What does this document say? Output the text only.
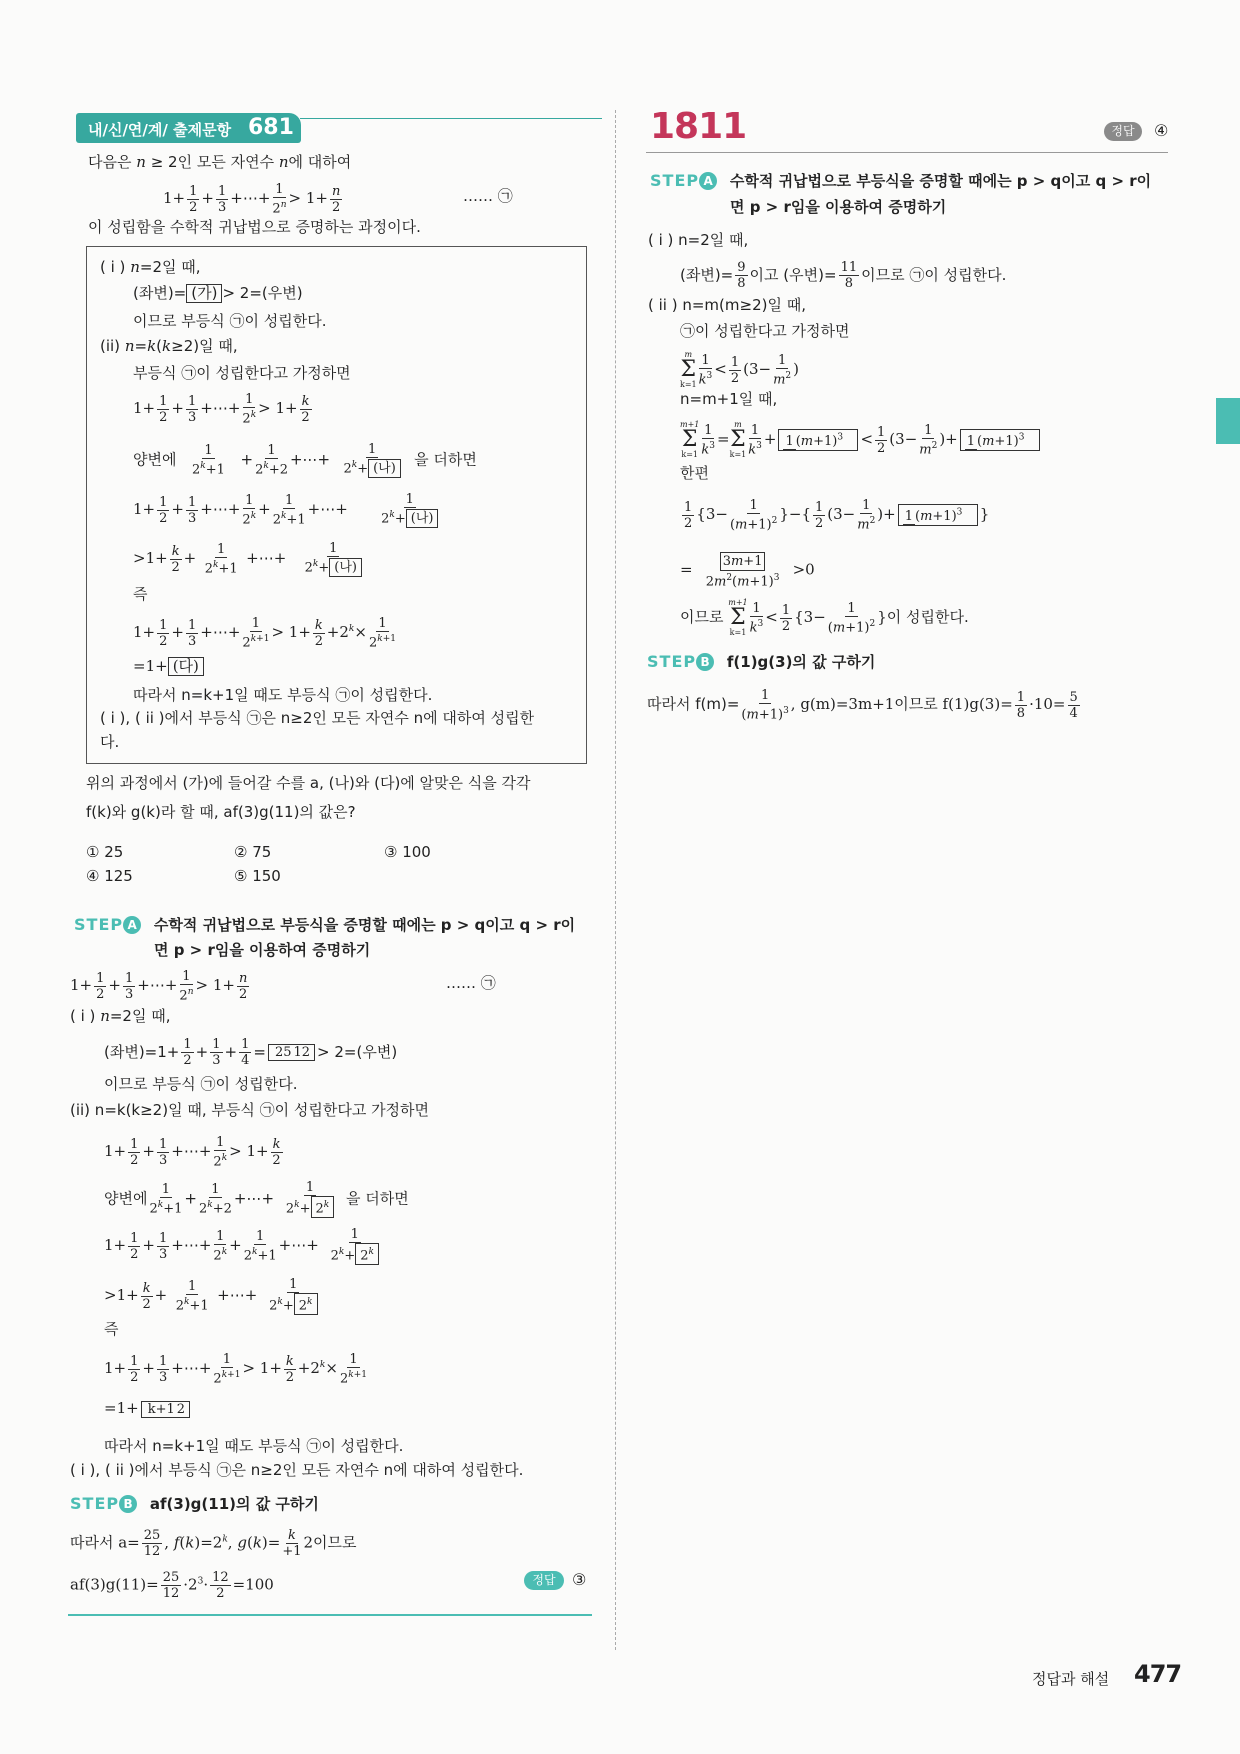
내/신/연/계/ 출제문항 681
다음은 n ≥ 2인 모든 자연수 n에 대하여
$1+ \frac{1}{2} + \frac{1}{3}$ +⋯+ $\frac{1}{2^n} > 1+ \frac{n}{2}$	…… ㉠
이 성립함을 수학적 귀납법으로 증명하는 과정이다.
( i ) n=2일 때,
(좌변)= (가) > 2=(우변)
이므로 부등식 ㉠이 성립한다.
(ii) n=k(k≥2)일 때,
부등식 ㉠이 성립한다고 가정하면
$1+ \frac{1}{2} + \frac{1}{3}$ +⋯+ $\frac{1}{2^k} > 1+ \frac{k}{2}$
양변에 $\frac{1}{2^k+1} + \frac{1}{2^k+2}$ +⋯+ $\frac{1}{2^k+ (나)}$ 을 더하면
$1+ \frac{1}{2} + \frac{1}{3}$ +⋯+ $\frac{1}{2^k} + \frac{1}{2^k+1}$ +⋯+ $\frac{1}{2^k+ (나)}$
$>1+ \frac{k}{2} + \frac{1}{2^k+1}$ +⋯+ $\frac{1}{2^k+ (나)}$
즉
$1+ \frac{1}{2} + \frac{1}{3}$ +⋯+ $\frac{1}{2^{k+1}} > 1+ \frac{k}{2} +2^k\times \frac{1}{2^{k+1}}$
=1+ (다)
따라서 n=k+1일 때도 부등식 ㉠이 성립한다.
( i ), ( ii )에서 부등식 ㉠은 n≥2인 모든 자연수 n에 대하여 성립한
다.
위의 과정에서 (가)에 들어갈 수를 a, (나)와 (다)에 알맞은 식을 각각
f(k)와 g(k)라 할 때, af(3)g(11)의 값은?
① 25	② 75	③ 100
④ 125	⑤ 150
STEP A 수학적 귀납법으로 부등식을 증명할 때에는 p > q이고 q > r이
면 p > r임을 이용하여 증명하기
$1+ \frac{1}{2} + \frac{1}{3}$ +⋯+ $\frac{1}{2^n} > 1+ \frac{n}{2}$	…… ㉠
( i ) n=2일 때,
(좌변)$=1+ \frac{1}{2} + \frac{1}{3} + \frac{1}{4} = 25$ 12 > 2=(우변)
이므로 부등식 ㉠이 성립한다.
(ii) n=k(k≥2)일 때, 부등식 ㉠이 성립한다고 가정하면
$1+ \frac{1}{2} + \frac{1}{3}$ +⋯+ $\frac{1}{2^k} > 1+ \frac{k}{2}$
양변에 $\frac{1}{2^k+1} + \frac{1}{2^k+2}$ +⋯+ $\frac{1}{2^k+ 2^k}$ 을 더하면
$1+ \frac{1}{2} + \frac{1}{3}$ +⋯+ $\frac{1}{2^k} + \frac{1}{2^k+1}$ +⋯+ $\frac{1}{2^k+ 2^k}$
$>1+ \frac{k}{2} + \frac{1}{2^k+1}$ +⋯+ $\frac{1}{2^k+ 2^k}$
즉
$1+ \frac{1}{2} + \frac{1}{3}$ +⋯+ $\frac{1}{2^{k+1}} > 1+ \frac{k}{2} +2^k\times \frac{1}{2^{k+1}}$
=1+ k+1 2
따라서 n=k+1일 때도 부등식 ㉠이 성립한다.
( i ), ( ii )에서 부등식 ㉠은 n≥2인 모든 자연수 n에 대하여 성립한다.
STEP B af(3)g(11)의 값 구하기
따라서 $a= \frac{25}{12}$ , $f(k)=2^k$, g(k)= k
+1 2이므로
$af(3)g(11)= \frac{25}{12} \cdot 2^3\cdot \frac{12}{2} =100$	정답	③
1811	정답	④
STEP A 수학적 귀납법으로 부등식을 증명할 때에는 p > q이고 q > r이
면 p > r임을 이용하여 증명하기
( i ) n=2일 때,
(좌변)= $\frac{9}{8}$ 이고 (우변)= $\frac{11}{8}$ 이므로 ㉠이 성립한다.
( ii ) n=m(m≥2)일 때,
㉠이 성립한다고 가정하면
m
Σ
$k=1 \frac{1}{k^3} < \frac{1}{2} (3- \frac{1}{m^2}$ )
n=m+1일 때,
m+1
Σ
$k=1 \frac{1}{k^3}$ =
m
Σ
$k=1 \frac{1}{k^3} + 1$ $(m+1)^3 < \frac{1}{2} (3- \frac{1}{m^2}$ )+ 1 $(m+1)^3$
한편
$\frac{1}{2} \{3- \frac{1}{(m+1)^2}$ }−{ $\frac{1}{2} (3- \frac{1}{m^2}$ )+ 1 $(m+1)^3$ }
= $\frac{3m+1}{2m^2(m+1)^3} >0$
이므로
m+1
Σ
$k=1 \frac{1}{k^3} < \frac{1}{2} \{3- \frac{1}{(m+1)^2}$ }이 성립한다.
STEP B f(1)g(3)의 값 구하기
따라서 $f(m)= \frac{1}{(m+1)^3}$ , g(m)=3m+1이므로 $f(1)g(3)= \frac{1}{8} \cdot 10= \frac{5}{4}$
정답과 해설 477
